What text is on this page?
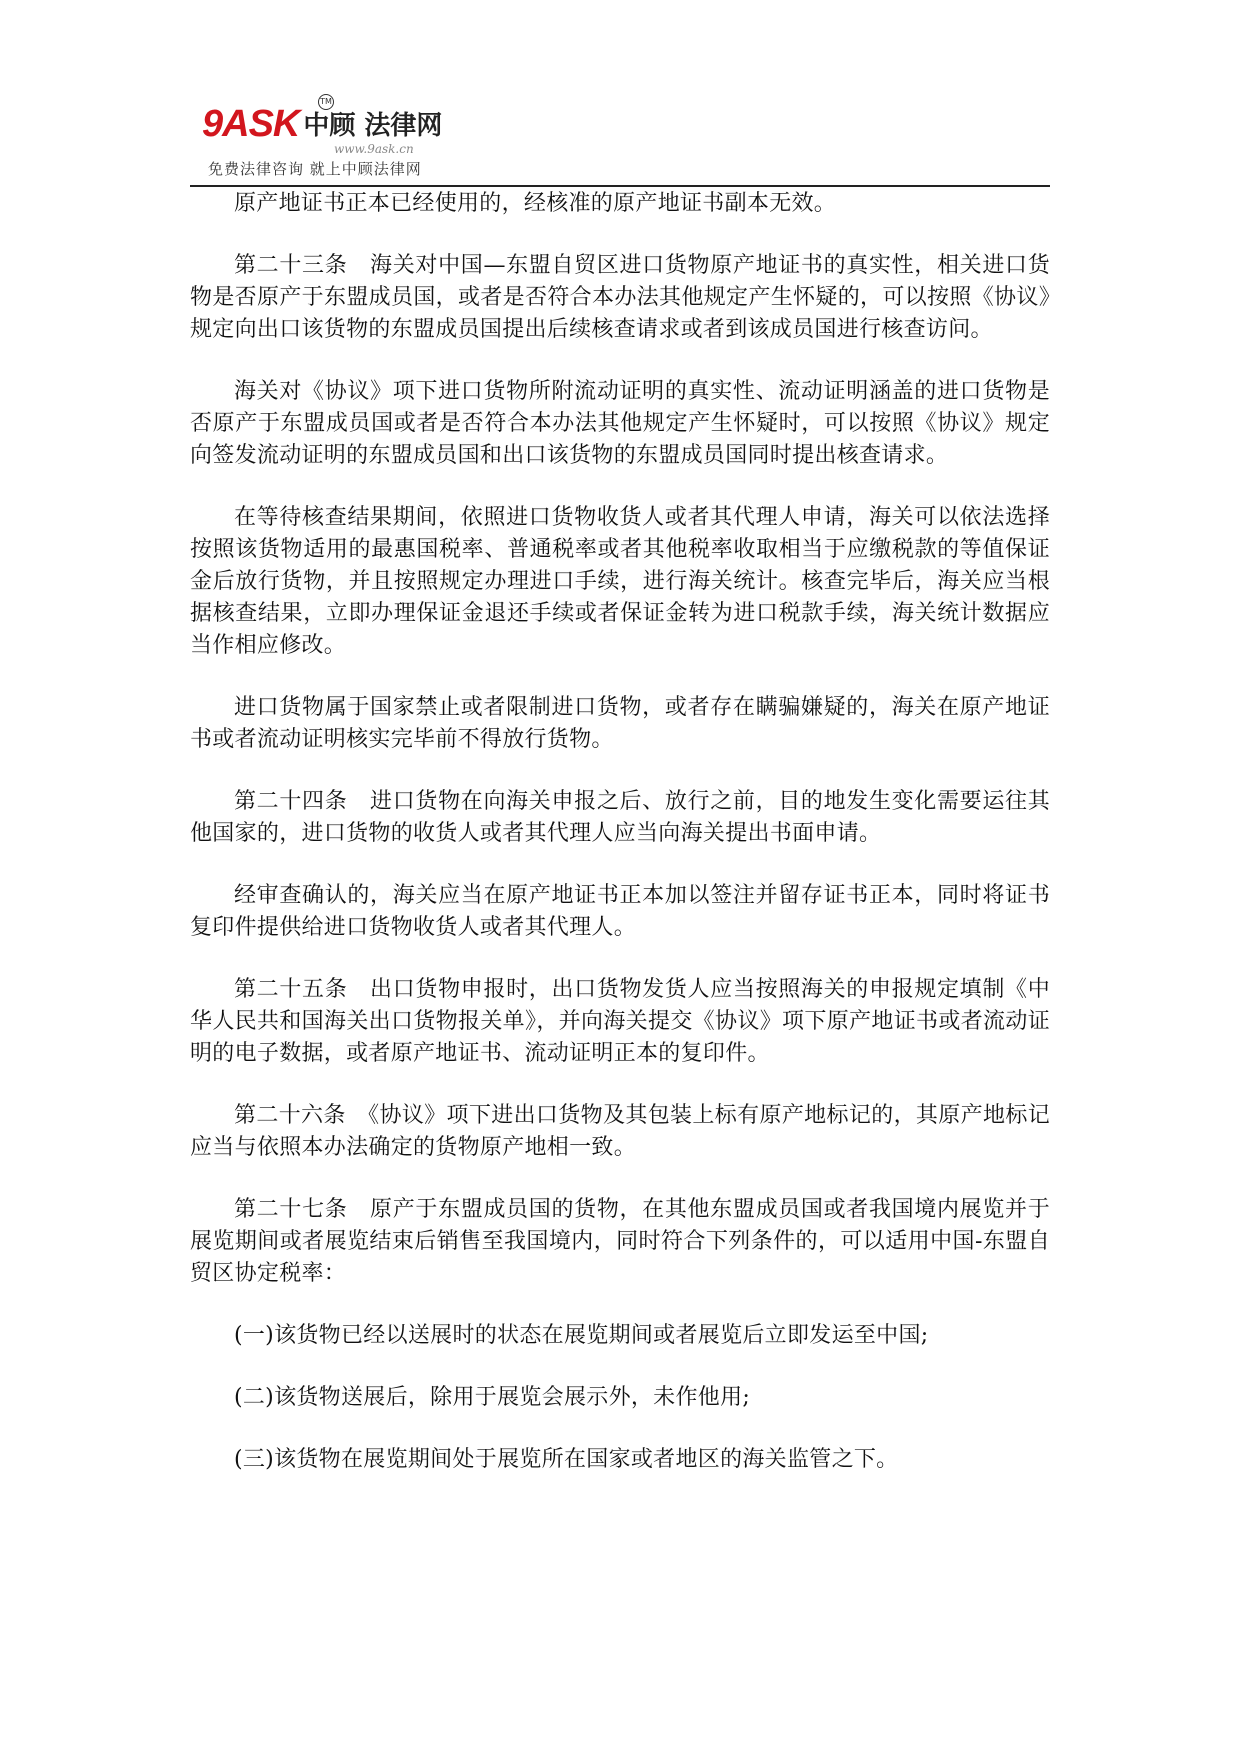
9ASK 中顾 法律网
TM
www.9ask.cn
免费法律咨询 就上中顾法律网

原产地证书正本已经使用的，经核准的原产地证书副本无效。

第二十三条　海关对中国—东盟自贸区进口货物原产地证书的真实性，相关进口货物是否原产于东盟成员国，或者是否符合本办法其他规定产生怀疑的，可以按照《协议》规定向出口该货物的东盟成员国提出后续核查请求或者到该成员国进行核查访问。

海关对《协议》项下进口货物所附流动证明的真实性、流动证明涵盖的进口货物是否原产于东盟成员国或者是否符合本办法其他规定产生怀疑时，可以按照《协议》规定向签发流动证明的东盟成员国和出口该货物的东盟成员国同时提出核查请求。

在等待核查结果期间，依照进口货物收货人或者其代理人申请，海关可以依法选择按照该货物适用的最惠国税率、普通税率或者其他税率收取相当于应缴税款的等值保证金后放行货物，并且按照规定办理进口手续，进行海关统计。核查完毕后，海关应当根据核查结果，立即办理保证金退还手续或者保证金转为进口税款手续，海关统计数据应当作相应修改。

进口货物属于国家禁止或者限制进口货物，或者存在瞒骗嫌疑的，海关在原产地证书或者流动证明核实完毕前不得放行货物。

第二十四条　进口货物在向海关申报之后、放行之前，目的地发生变化需要运往其他国家的，进口货物的收货人或者其代理人应当向海关提出书面申请。

经审查确认的，海关应当在原产地证书正本加以签注并留存证书正本，同时将证书复印件提供给进口货物收货人或者其代理人。

第二十五条　出口货物申报时，出口货物发货人应当按照海关的申报规定填制《中华人民共和国海关出口货物报关单》，并向海关提交《协议》项下原产地证书或者流动证明的电子数据，或者原产地证书、流动证明正本的复印件。

第二十六条　《协议》项下进出口货物及其包装上标有原产地标记的，其原产地标记应当与依照本办法确定的货物原产地相一致。

第二十七条　原产于东盟成员国的货物，在其他东盟成员国或者我国境内展览并于展览期间或者展览结束后销售至我国境内，同时符合下列条件的，可以适用中国-东盟自贸区协定税率：

(一)该货物已经以送展时的状态在展览期间或者展览后立即发运至中国;

(二)该货物送展后，除用于展览会展示外，未作他用;

(三)该货物在展览期间处于展览所在国家或者地区的海关监管之下。
